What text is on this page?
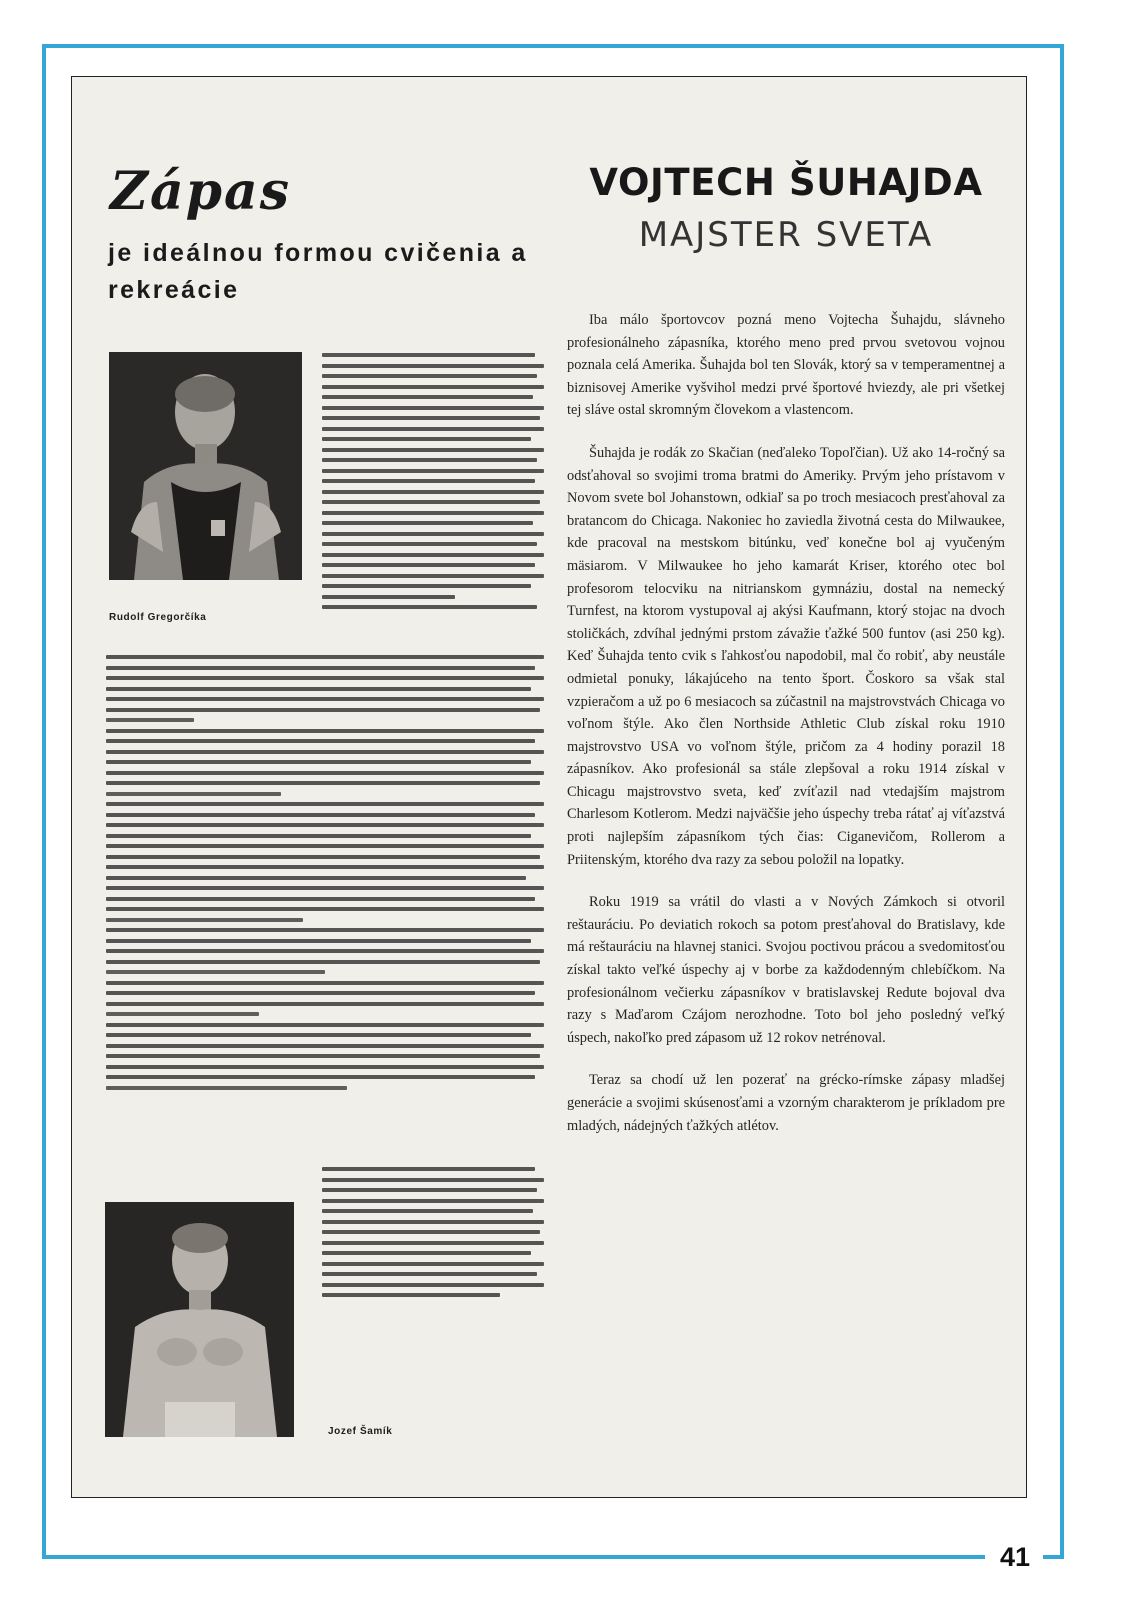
41
Zápas
je ideálnou formou cvičenia a rekreácie
VOJTECH ŠUHAJDA
MAJSTER SVETA

Rudolf Gregorčíka

Jozef Šamík

Iba málo športovcov pozná meno Vojtecha Šuhajdu, slávneho profesionálneho zápasníka, ktorého meno pred prvou svetovou vojnou poznala celá Amerika. Šuhajda bol ten Slovák, ktorý sa v temperamentnej a biznisovej Amerike vyšvihol medzi prvé športové hviezdy, ale pri všetkej tej sláve ostal skromným človekom a vlastencom.

Šuhajda je rodák zo Skačian (neďaleko Topoľčian). Už ako 14-ročný sa odsťahoval so svojimi troma bratmi do Ameriky. Prvým jeho prístavom v Novom svete bol Johanstown, odkiaľ sa po troch mesiacoch presťahoval za bratancom do Chicaga. Nakoniec ho zaviedla životná cesta do Milwaukee, kde pracoval na mestskom bitúnku, veď konečne bol aj vyučeným mäsiarom. V Milwaukee ho jeho kamarát Kriser, ktorého otec bol profesorom telocviku na nitrianskom gymnáziu, dostal na nemecký Turnfest, na ktorom vystupoval aj akýsi Kaufmann, ktorý stojac na dvoch stoličkách, zdvíhal jednými prstom závažie ťažké 500 funtov (asi 250 kg). Keď Šuhajda tento cvik s ľahkosťou napodobil, mal čo robiť, aby neustále odmietal ponuky, lákajúceho na tento šport. Čoskoro sa však stal vzpieračom a už po 6 mesiacoch sa zúčastnil na majstrovstvách Chicaga vo voľnom štýle. Ako člen Northside Athletic Club získal roku 1910 majstrovstvo USA vo voľnom štýle, pričom za 4 hodiny porazil 18 zápasníkov. Ako profesionál sa stále zlepšoval a roku 1914 získal v Chicagu majstrovstvo sveta, keď zvíťazil nad vtedajším majstrom Charlesom Kotlerom. Medzi najväčšie jeho úspechy treba rátať aj víťazstvá proti najlepším zápasníkom tých čias: Ciganevičom, Rollerom a Priitenským, ktorého dva razy za sebou položil na lopatky.

Roku 1919 sa vrátil do vlasti a v Nových Zámkoch si otvoril reštauráciu. Po deviatich rokoch sa potom presťahoval do Bratislavy, kde má reštauráciu na hlavnej stanici. Svojou poctivou prácou a svedomitosťou získal takto veľké úspechy aj v borbe za každodenným chlebíčkom. Na profesionálnom večierku zápasníkov v bratislavskej Redute bojoval dva razy s Maďarom Czájom nerozhodne. Toto bol jeho posledný veľký úspech, nakoľko pred zápasom už 12 rokov netrénoval.

Teraz sa chodí už len pozerať na grécko-rímske zápasy mladšej generácie a svojimi skúsenosťami a vzorným charakterom je príkladom pre mladých, nádejných ťažkých atlétov.
